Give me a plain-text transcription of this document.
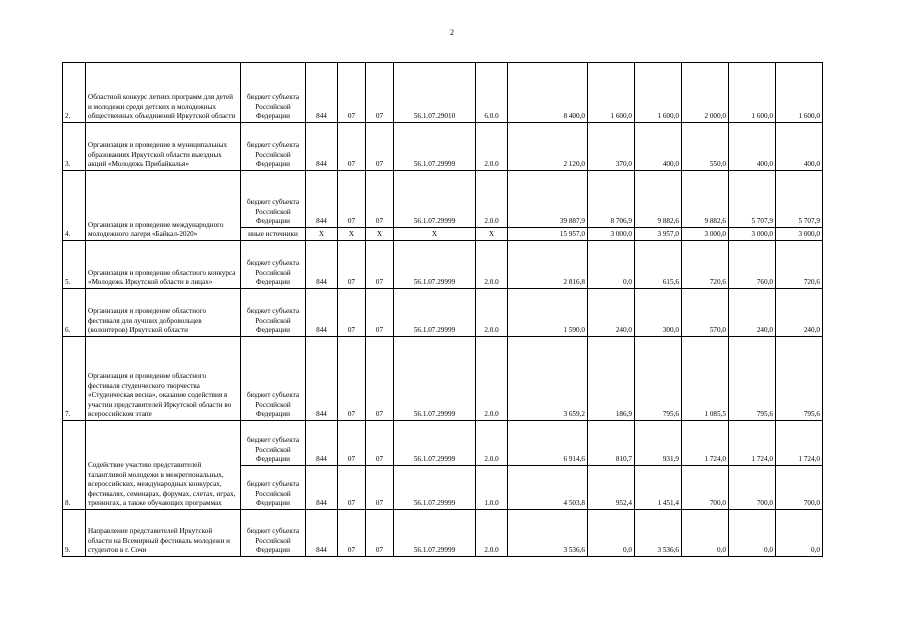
2
2.	Областной конкурс летних программ для детей и молодежи среди детских и молодежных общественных объединений Иркутской области	бюджет субъекта Российской Федерации	844	07	07	56.1.07.29010	6.0.0	8 400,0	1 600,0	1 600,0	2 000,0	1 600,0	1 600,0
3.	Организация и проведение в муниципальных образованиях Иркутской области выездных акций «Молодежь Прибайкалья»	бюджет субъекта Российской Федерации	844	07	07	56.1.07.29999	2.0.0	2 120,0	370,0	400,0	550,0	400,0	400,0
4.	Организация и проведение международного молодежного лагеря «Байкал-2020»	бюджет субъекта Российской Федерации	844	07	07	56.1.07.29999	2.0.0	39 887,9	8 706,9	9 882,6	9 882,6	5 707,9	5 707,9
		иные источники	X	X	X	X	X	15 957,0	3 000,0	3 957,0	3 000,0	3 000,0	3 000,0
5.	Организация и проведение областного конкурса «Молодежь Иркутской области в лицах»	бюджет субъекта Российской Федерации	844	07	07	56.1.07.29999	2.0.0	2 816,8	0,0	615,6	720,6	760,0	720,6
6.	Организация и проведение областного фестиваля для лучших добровольцев (волонтеров) Иркутской области	бюджет субъекта Российской Федерации	844	07	07	56.1.07.29999	2.0.0	1 590,0	240,0	300,0	570,0	240,0	240,0
7.	Организация и проведение областного фестиваля студенческого творчества «Студенческая весна», оказание содействия в участии представителей Иркутской области во всероссийском этапе	бюджет субъекта Российской Федерации	844	07	07	56.1.07.29999	2.0.0	3 659,2	186,9	795,6	1 085,5	795,6	795,6
8.	Содействие участию представителей талантливой молодежи в межрегиональных, всероссийских, международных конкурсах, фестивалях, семинарах, форумах, слетах, играх, тренингах, а также обучающих программах	бюджет субъекта Российской Федерации	844	07	07	56.1.07.29999	2.0.0	6 914,6	810,7	931,9	1 724,0	1 724,0	1 724,0
		бюджет субъекта Российской Федерации	844	07	07	56.1.07.29999	1.0.0	4 503,8	952,4	1 451,4	700,0	700,0	700,0
9.	Направление представителей Иркутской области на Всемирный фестиваль молодежи и студентов в г. Сочи	бюджет субъекта Российской Федерации	844	07	07	56.1.07.29999	2.0.0	3 536,6	0,0	3 536,6	0,0	0,0	0,0
